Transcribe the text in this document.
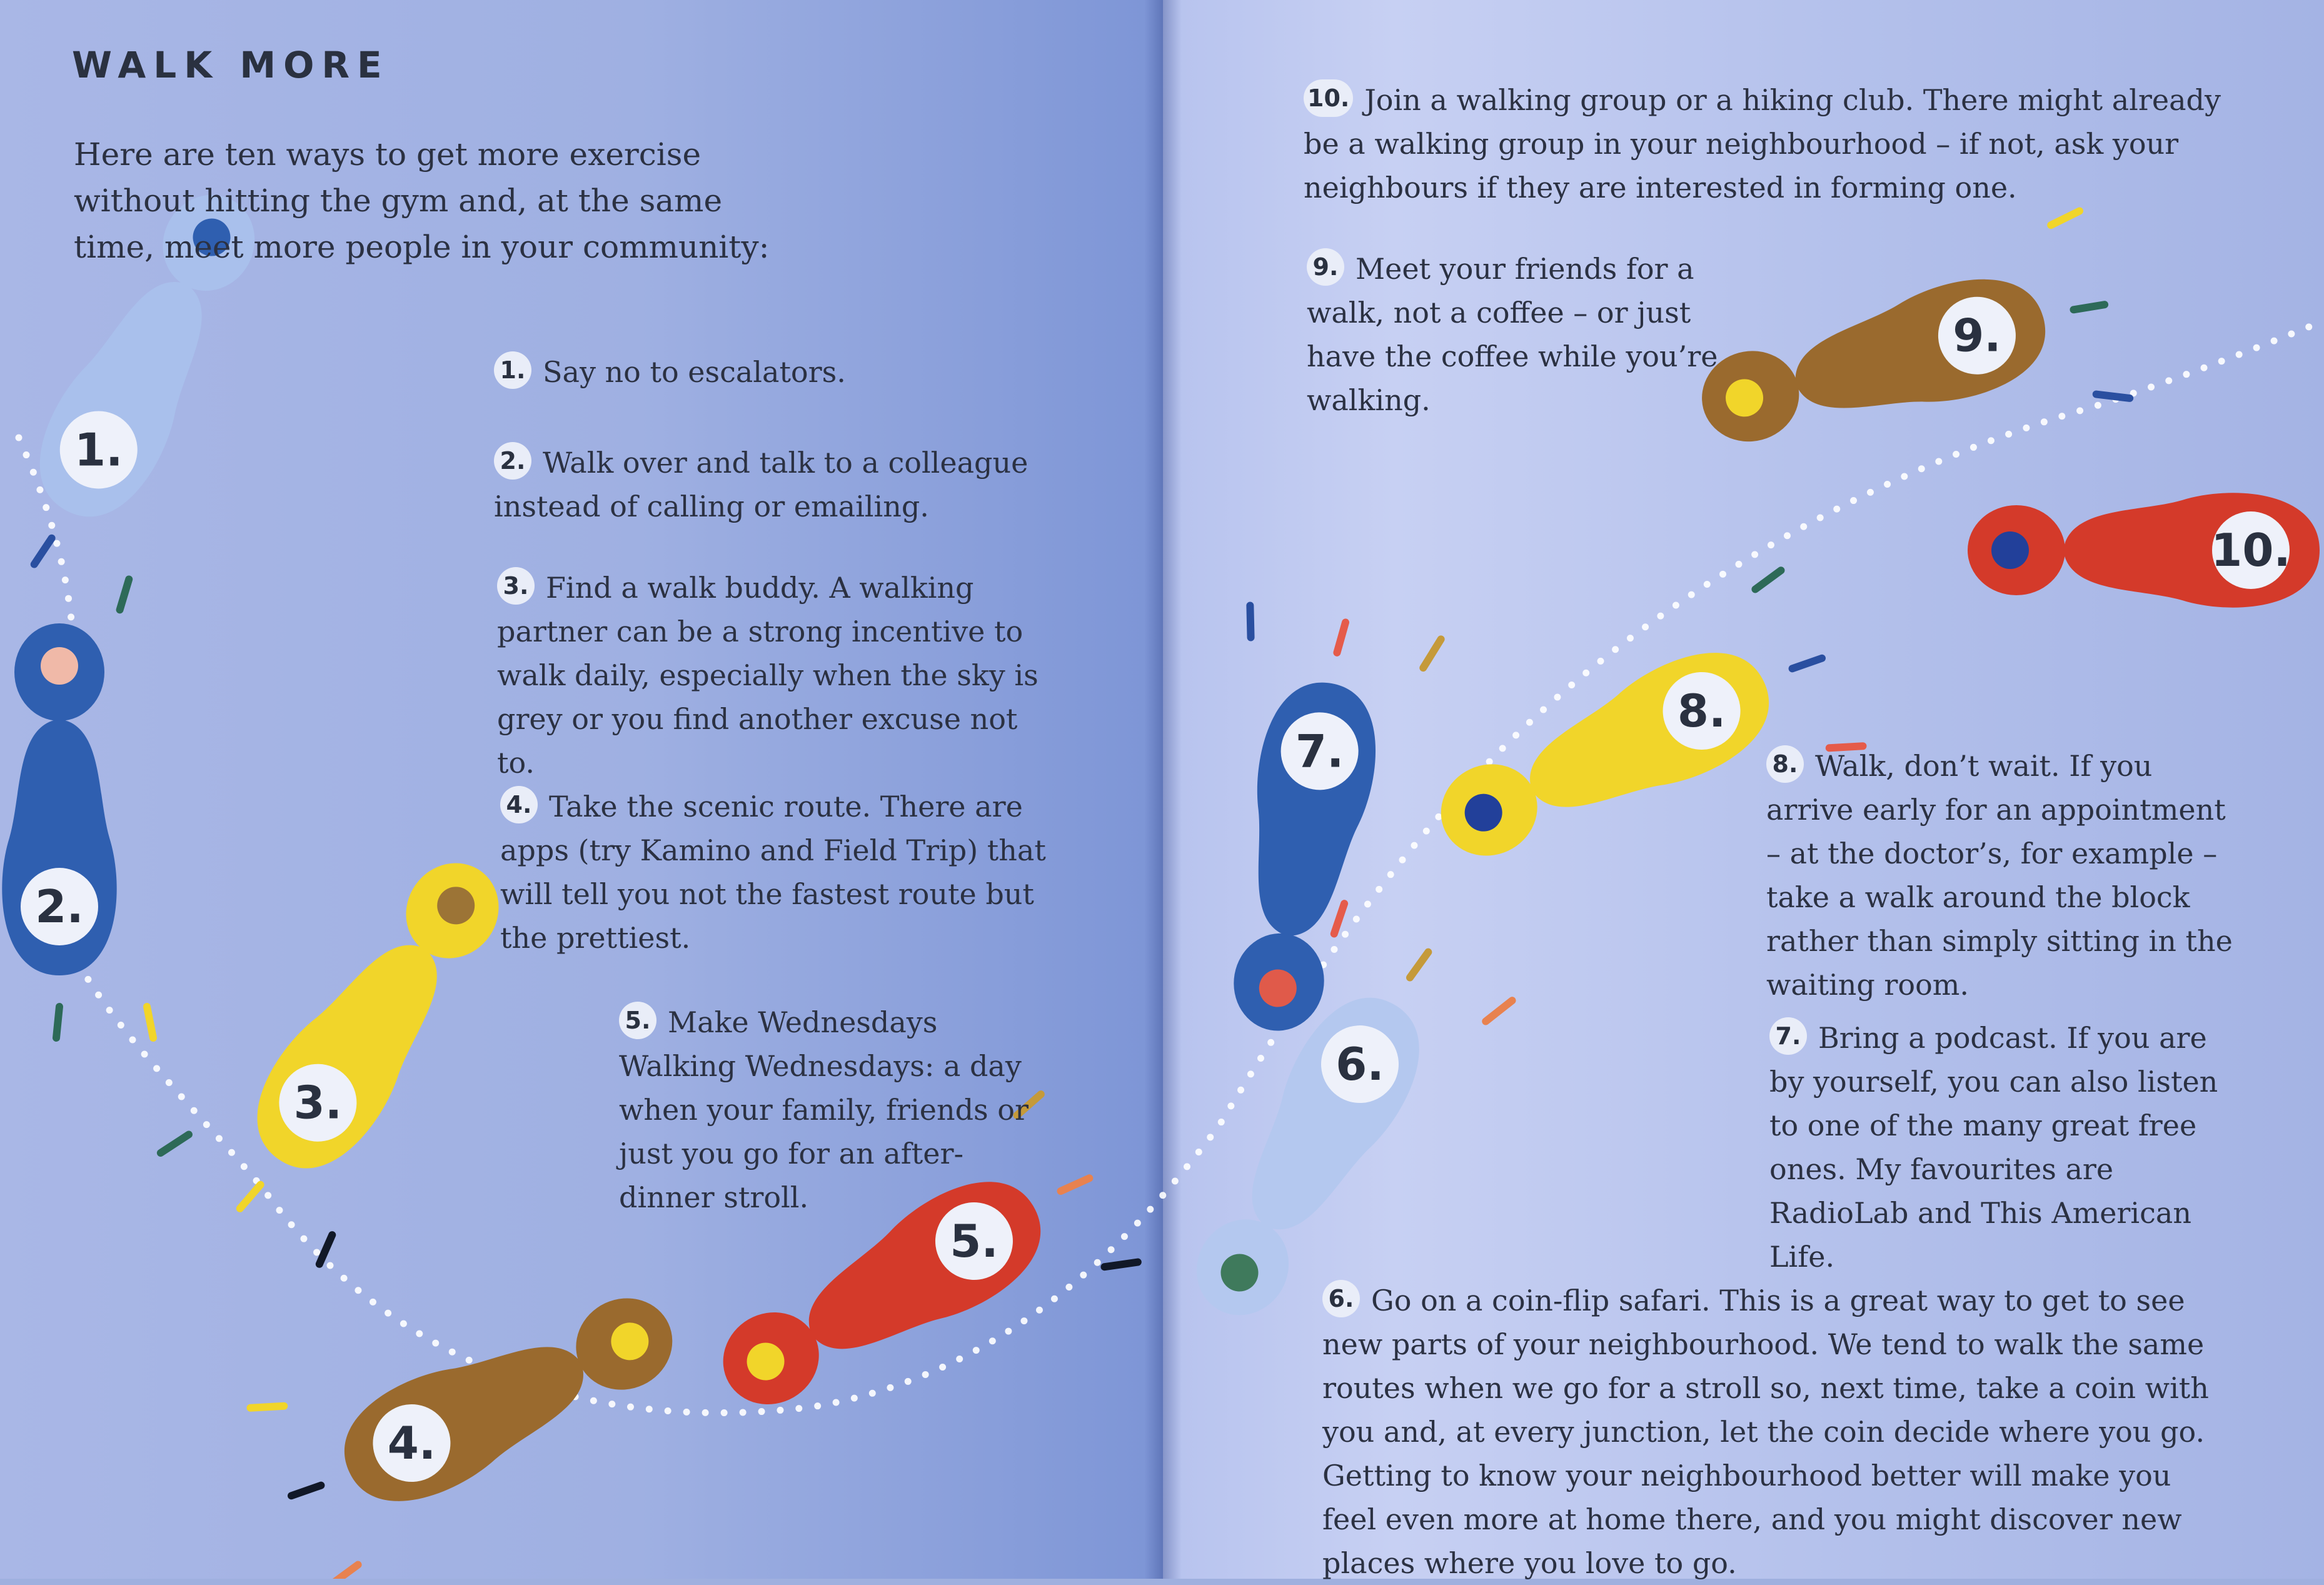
1.
2.
3.
4.
5.
6.
7.
8.
9.
10.
WALK MORE
Here are ten ways to get more exercise without hitting the gym and, at the same time, meet more people in your community:
1. Say no to escalators.
2. Walk over and talk to a colleague instead of calling or emailing.
3. Find a walk buddy. A walking partner can be a strong incentive to walk daily, especially when the sky is grey or you find another excuse not to.
4. Take the scenic route. There are apps (try Kamino and Field Trip) that will tell you not the fastest route but the prettiest.
5. Make Wednesdays Walking Wednesdays: a day when your family, friends or just you go for an after-dinner stroll.
6. Go on a coin-flip safari. This is a great way to get to see new parts of your neighbourhood. We tend to walk the same routes when we go for a stroll so, next time, take a coin with you and, at every junction, let the coin decide where you go. Getting to know your neighbourhood better will make you feel even more at home there, and you might discover new places where you love to go.
7. Bring a podcast. If you are by yourself, you can also listen to one of the many great free ones. My favourites are RadioLab and This American Life.
8. Walk, don’t wait. If you arrive early for an appointment – at the doctor’s, for example – take a walk around the block rather than simply sitting in the waiting room.
9. Meet your friends for a walk, not a coffee – or just have the coffee while you’re walking.
10. Join a walking group or a hiking club. There might already be a walking group in your neighbourhood – if not, ask your neighbours if they are interested in forming one.
